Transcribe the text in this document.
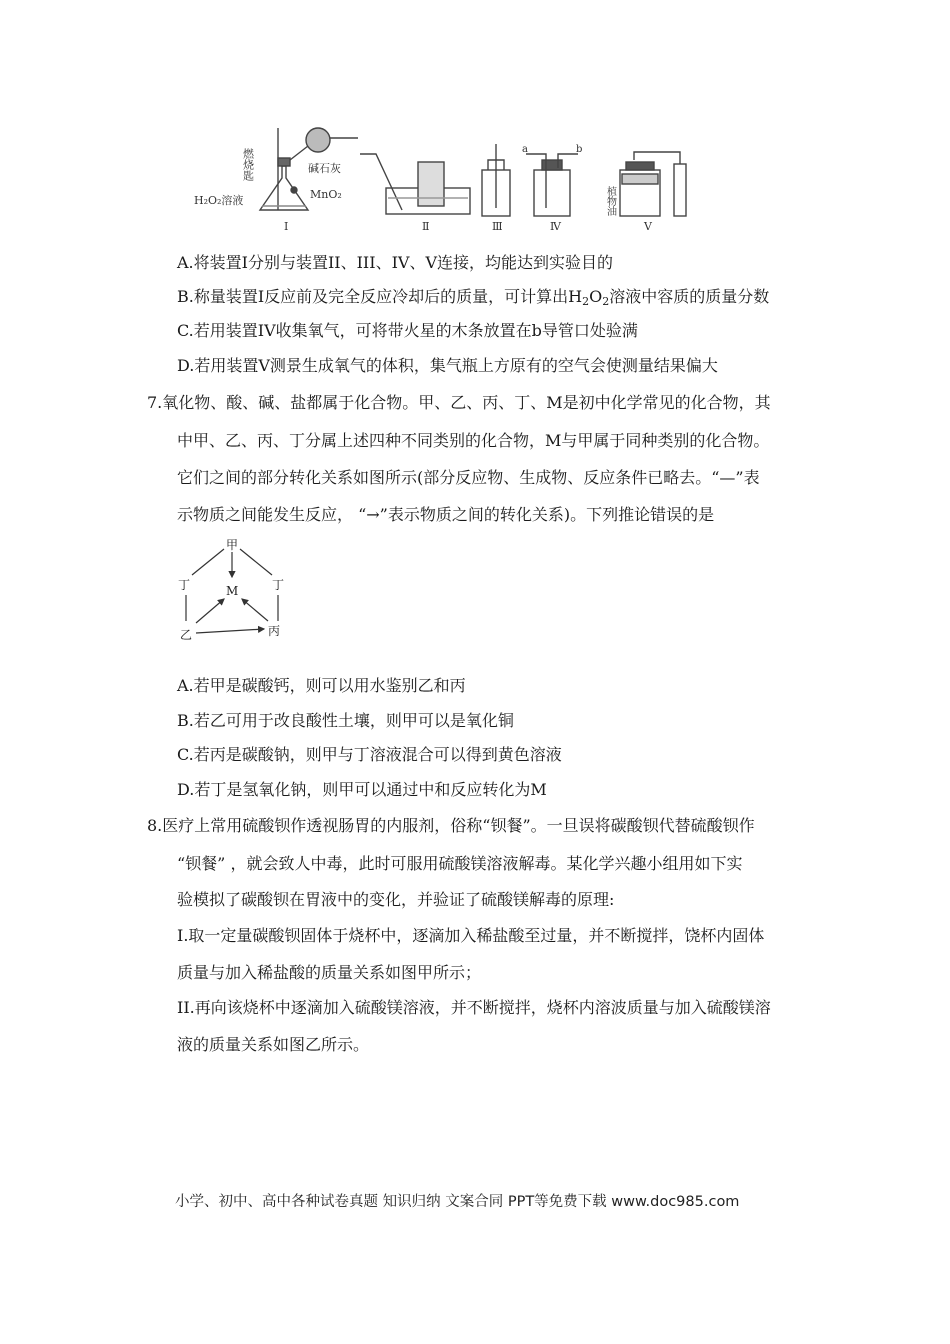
燃烧匙	碱石灰
MnO₂
H₂O₂溶液
Ⅰ	Ⅱ	Ⅲ
a	b
Ⅳ
植物油
Ⅴ
A.将装置I分别与装置II、III、IV、V连接，均能达到实验目的
B.称量装置I反应前及完全反应冷却后的质量，可计算出$H_2O_2$溶液中容质的质量分数
C.若用装置IV收集氧气，可将带火星的木条放置在b导管口处验满
D.若用装置V测景生成氧气的体积，集气瓶上方原有的空气会使测量结果偏大
7.氧化物、酸、碱、盐都属于化合物。甲、乙、丙、丁、M是初中化学常见的化合物，其
中甲、乙、丙、丁分属上述四种不同类别的化合物，M与甲属于同种类别的化合物。
它们之间的部分转化关系如图所示(部分反应物、生成物、反应条件已略去。“—”表
示物质之间能发生反应， “→”表示物质之间的转化关系)。下列推论错误的是
甲
丁	丁
M
乙	丙
A.若甲是碳酸钙，则可以用水鉴别乙和丙
B.若乙可用于改良酸性土壤，则甲可以是氧化铜
C.若丙是碳酸钠，则甲与丁溶液混合可以得到黄色溶液
D.若丁是氢氧化钠，则甲可以通过中和反应转化为M
8.医疗上常用硫酸钡作透视肠胃的内服剂，俗称“钡餐”。一旦误将碳酸钡代替硫酸钡作
“钡餐” ，就会致人中毒，此时可服用硫酸镁溶液解毒。某化学兴趣小组用如下实
验模拟了碳酸钡在胃液中的变化，并验证了硫酸镁解毒的原理:
I.取一定量碳酸钡固体于烧杯中，逐滴加入稀盐酸至过量，并不断搅拌，饶杯内固体
质量与加入稀盐酸的质量关系如图甲所示；
II.再向该烧杯中逐滴加入硫酸镁溶液，并不断搅拌，烧杯内溶波质量与加入硫酸镁溶
液的质量关系如图乙所示。
小学、初中、高中各种试卷真题 知识归纳 文案合同 PPT等免费下载 www.doc985.com
